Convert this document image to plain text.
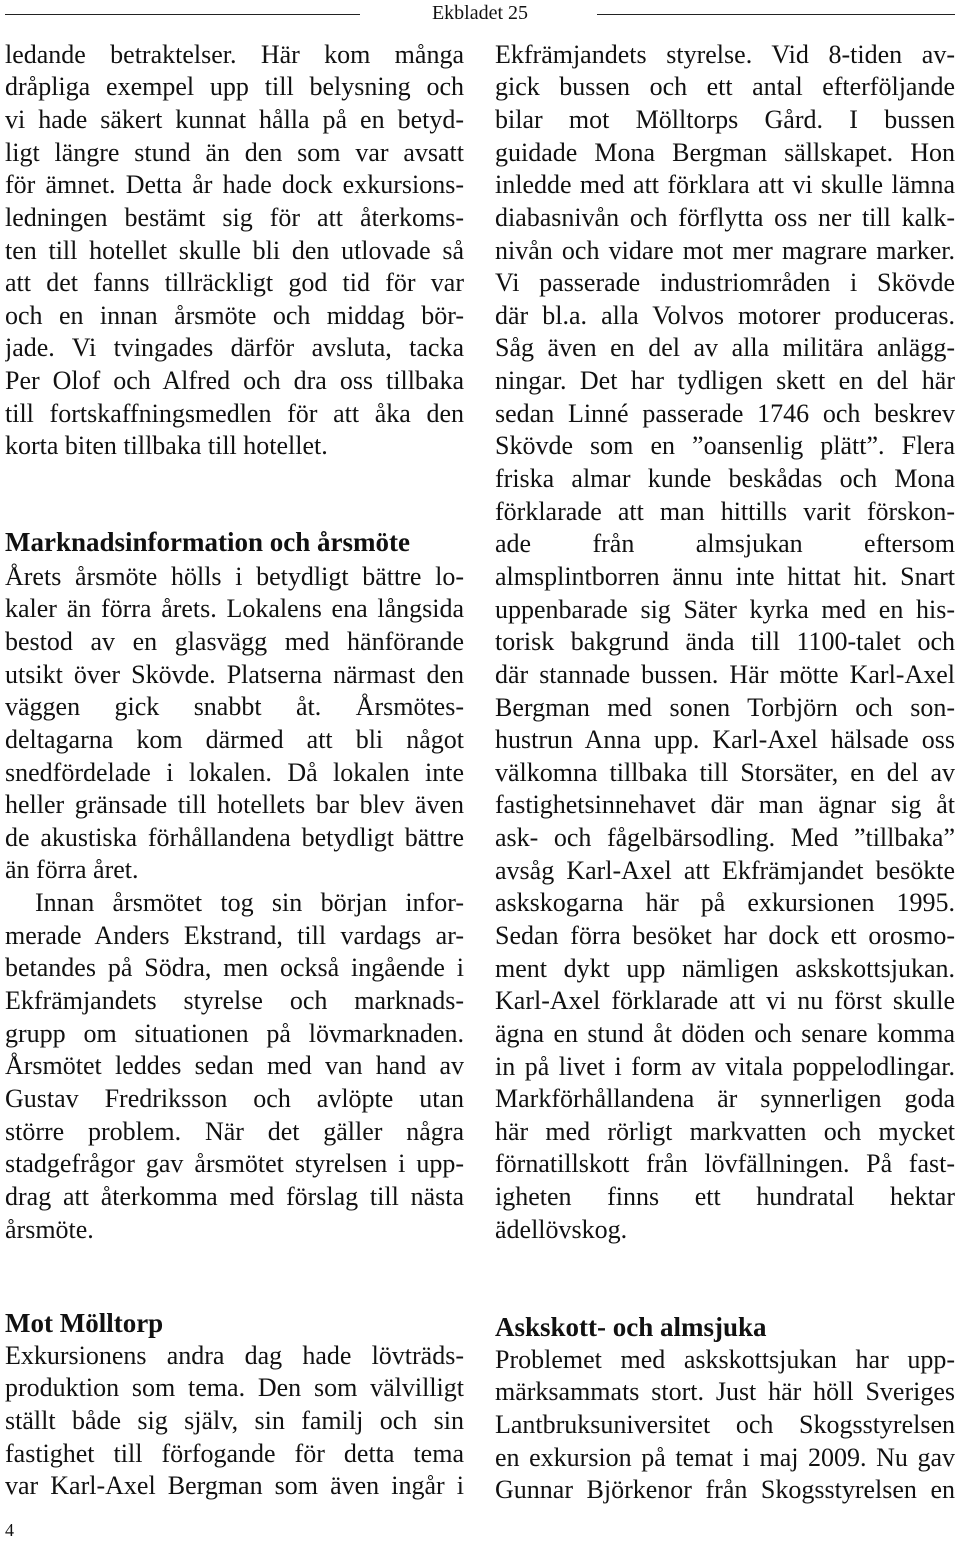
Ekbladet 25
ledande betraktelser. Här kom många
dråpliga exempel upp till belysning och
vi hade säkert kunnat hålla på en betyd-
ligt längre stund än den som var avsatt
för ämnet. Detta år hade dock exkursions-
ledningen bestämt sig för att återkoms-
ten till hotellet skulle bli den utlovade så
att det fanns tillräckligt god tid för var
och en innan årsmöte och middag bör-
jade. Vi tvingades därför avsluta, tacka
Per Olof och Alfred och dra oss tillbaka
till fortskaffningsmedlen för att åka den
korta biten tillbaka till hotellet.
Marknadsinformation och årsmöte
Årets årsmöte hölls i betydligt bättre lo-
kaler än förra årets. Lokalens ena långsida
bestod av en glasvägg med hänförande
utsikt över Skövde. Platserna närmast den
väggen gick snabbt åt. Årsmötes-
deltagarna kom därmed att bli något
snedfördelade i lokalen. Då lokalen inte
heller gränsade till hotellets bar blev även
de akustiska förhållandena betydligt bättre
än förra året.
Innan årsmötet tog sin början infor-
merade Anders Ekstrand, till vardags ar-
betandes på Södra, men också ingående i
Ekfrämjandets styrelse och marknads-
grupp om situationen på lövmarknaden.
Årsmötet leddes sedan med van hand av
Gustav Fredriksson och avlöpte utan
större problem. När det gäller några
stadgefrågor gav årsmötet styrelsen i upp-
drag att återkomma med förslag till nästa
årsmöte.
Ekfrämjandets styrelse. Vid 8-tiden av-
gick bussen och ett antal efterföljande
bilar mot Mölltorps Gård. I bussen
guidade Mona Bergman sällskapet. Hon
inledde med att förklara att vi skulle lämna
diabasnivån och förflytta oss ner till kalk-
nivån och vidare mot mer magrare marker.
Vi passerade industriområden i Skövde
där bl.a. alla Volvos motorer produceras.
Såg även en del av alla militära anlägg-
ningar. Det har tydligen skett en del här
sedan Linné passerade 1746 och beskrev
Skövde som en ”oansenlig plätt”. Flera
friska almar kunde beskådas och Mona
förklarade att man hittills varit förskon-
ade från almsjukan eftersom
almsplintborren ännu inte hittat hit. Snart
uppenbarade sig Säter kyrka med en his-
torisk bakgrund ända till 1100-talet och
där stannade bussen. Här mötte Karl-Axel
Bergman med sonen Torbjörn och son-
hustrun Anna upp. Karl-Axel hälsade oss
välkomna tillbaka till Storsäter, en del av
fastighetsinnehavet där man ägnar sig åt
ask- och fågelbärsodling. Med ”tillbaka”
avsåg Karl-Axel att Ekfrämjandet besökte
askskogarna här på exkursionen 1995.
Sedan förra besöket har dock ett orosmo-
ment dykt upp nämligen askskottsjukan.
Karl-Axel förklarade att vi nu först skulle
ägna en stund åt döden och senare komma
in på livet i form av vitala poppelodlingar.
Markförhållandena är synnerligen goda
här med rörligt markvatten och mycket
förnatillskott från lövfällningen. På fast-
igheten finns ett hundratal hektar
ädellövskog.
Mot Mölltorp
Exkursionens andra dag hade lövträds-
produktion som tema. Den som välvilligt
ställt både sig själv, sin familj och sin
fastighet till förfogande för detta tema
var Karl-Axel Bergman som även ingår i
Askskott- och almsjuka
Problemet med askskottsjukan har upp-
märksammats stort. Just här höll Sveriges
Lantbruksuniversitet och Skogsstyrelsen
en exkursion på temat i maj 2009. Nu gav
Gunnar Björkenor från Skogsstyrelsen en
4
